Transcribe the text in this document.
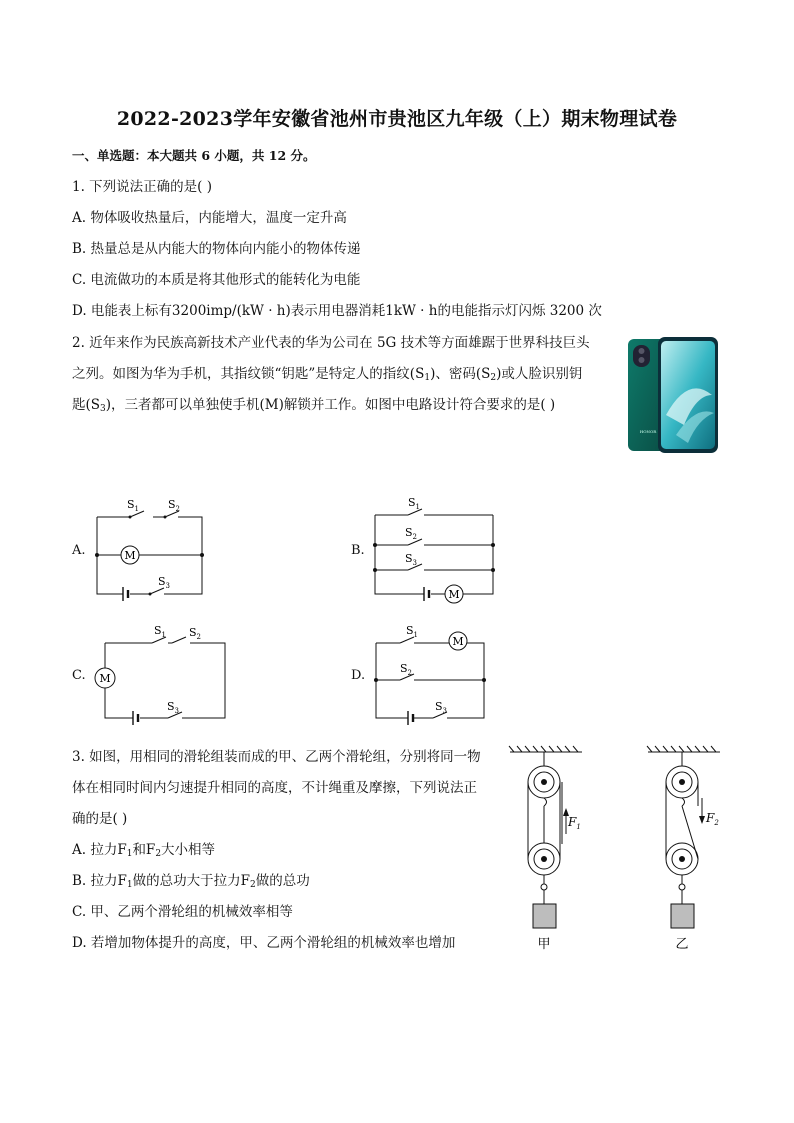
2022-2023学年安徽省池州市贵池区九年级（上）期末物理试卷
一、单选题：本大题共 6 小题，共 12 分。
1. 下列说法正确的是( )
A. 物体吸收热量后，内能增大，温度一定升高
B. 热量总是从内能大的物体向内能小的物体传递
C. 电流做功的本质是将其他形式的能转化为电能
D. 电能表上标有3200imp/(kW · h)表示用电器消耗1kW · h的电能指示灯闪烁 3200 次
2. 近年来作为民族高新技术产业代表的华为公司在 5G 技术等方面雄踞于世界科技巨头
之列。如图为华为手机，其指纹锁“钥匙”是特定人的指纹$(S_1)$、密码$(S_2)$或人脸识别钥
匙$(S_3)$，三者都可以单独使手机(M)解锁并工作。如图中电路设计符合要求的是( )
HONOR
A.	B.
C.	D.
M
$S_1$	$S_2$
$S_3$
M
$S_1$
$S_2$
$S_3$
M
$S_1$ $S_2$
$S_3$
M
$S_1$
$S_2$
$S_3$
3. 如图，用相同的滑轮组装而成的甲、乙两个滑轮组，分别将同一物
体在相同时间内匀速提升相同的高度，不计绳重及摩擦，下列说法正
确的是( )
A. 拉力$F_1$和$F_2$大小相等
B. 拉力$F_1$做的总功大于拉力$F_2$做的总功
C. 甲、乙两个滑轮组的机械效率相等
D. 若增加物体提升的高度，甲、乙两个滑轮组的机械效率也增加
$F_1$
甲
$F_2$
乙
